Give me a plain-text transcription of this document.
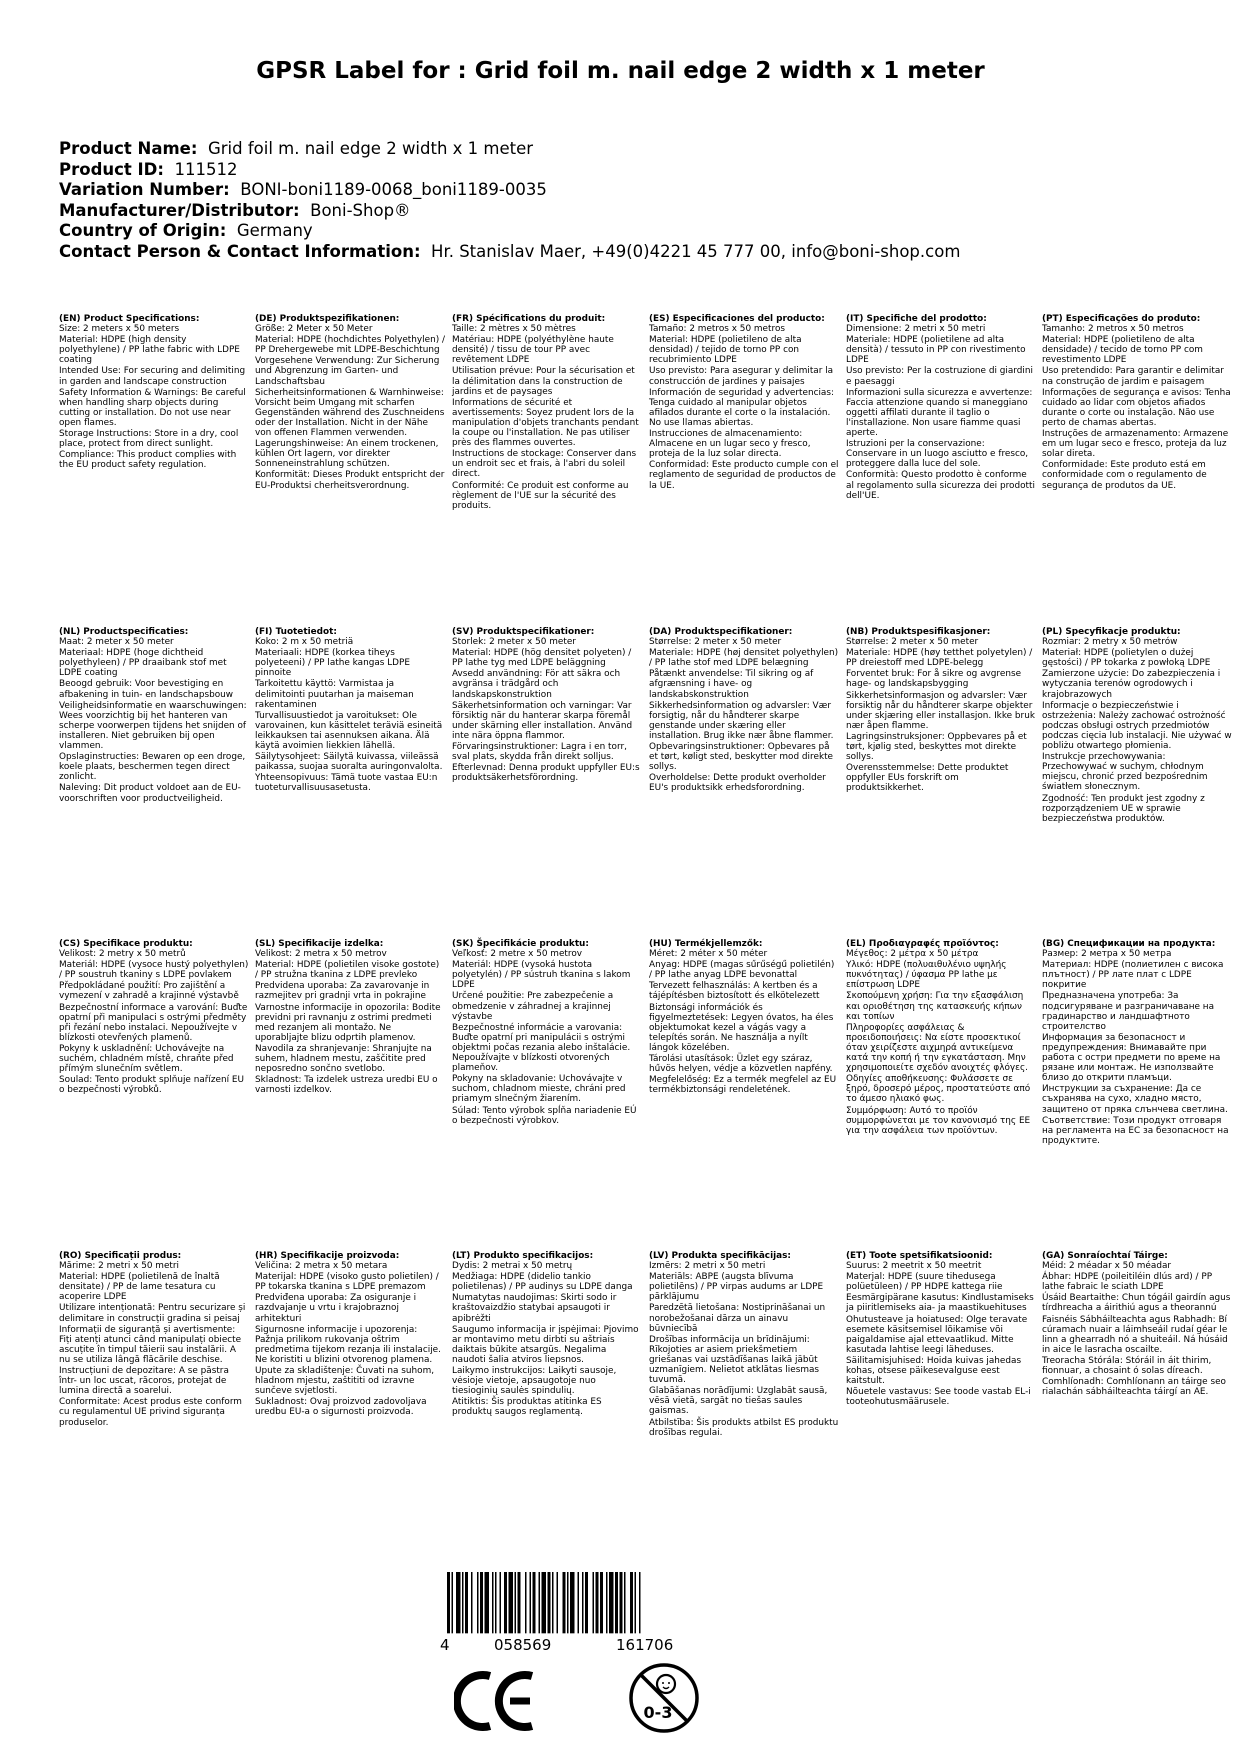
GPSR Label for : Grid foil m. nail edge 2 width x 1 meter
Product Name: Grid foil m. nail edge 2 width x 1 meter
Product ID: 111512
Variation Number: BONI-boni1189-0068_boni1189-0035
Manufacturer/Distributor: Boni-Shop®
Country of Origin: Germany
Contact Person & Contact Information: Hr. Stanislav Maer, +49(0)4221 45 777 00, info@boni-shop.com
(EN) Product Specifications:

Size: 2 meters x 50 meters

Material: HDPE (high density polyethylene) / PP lathe fabric with LDPE coating

Intended Use: For securing and delimiting in garden and landscape construction

Safety Information & Warnings: Be careful when handling sharp objects during cutting or installation. Do not use near open flames.

Storage Instructions: Store in a dry, cool place, protect from direct sunlight.

Compliance: This product complies with the EU product safety regulation.

(DE) Produktspezifikationen:

Größe: 2 Meter x 50 Meter

Material: HDPE (hochdichtes Polyethylen) / PP Drehergewebe mit LDPE-Beschichtung

Vorgesehene Verwendung: Zur Sicherung und Abgrenzung im Garten- und Landschaftsbau

Sicherheitsinformationen & Warnhinweise: Vorsicht beim Umgang mit scharfen Gegenständen während des Zuschneidens oder der Installation. Nicht in der Nähe von offenen Flammen verwenden.

Lagerungshinweise: An einem trockenen, kühlen Ort lagern, vor direkter Sonneneinstrahlung schützen.

Konformität: Dieses Produkt entspricht der EU-Produktsi cherheitsverordnung.

(FR) Spécifications du produit:

Taille: 2 mètres x 50 mètres

Matériau: HDPE (polyéthylène haute densité) / tissu de tour PP avec revêtement LDPE

Utilisation prévue: Pour la sécurisation et la délimitation dans la construction de jardins et de paysages

Informations de sécurité et avertissements: Soyez prudent lors de la manipulation d'objets tranchants pendant la coupe ou l'installation. Ne pas utiliser près des flammes ouvertes.

Instructions de stockage: Conserver dans un endroit sec et frais, à l'abri du soleil direct.

Conformité: Ce produit est conforme au règlement de l'UE sur la sécurité des produits.

(ES) Especificaciones del producto:

Tamaño: 2 metros x 50 metros

Material: HDPE (polietileno de alta densidad) / tejido de torno PP con recubrimiento LDPE

Uso previsto: Para asegurar y delimitar la construcción de jardines y paisajes

Información de seguridad y advertencias: Tenga cuidado al manipular objetos afilados durante el corte o la instalación. No use llamas abiertas.

Instrucciones de almacenamiento: Almacene en un lugar seco y fresco, proteja de la luz solar directa.

Conformidad: Este producto cumple con el reglamento de seguridad de productos de la UE.

(IT) Specifiche del prodotto:

Dimensione: 2 metri x 50 metri

Materiale: HDPE (polietilene ad alta densità) / tessuto in PP con rivestimento LDPE

Uso previsto: Per la costruzione di giardini e paesaggi

Informazioni sulla sicurezza e avvertenze: Faccia attenzione quando si maneggiano oggetti affilati durante il taglio o l'installazione. Non usare fiamme quasi aperte.

Istruzioni per la conservazione: Conservare in un luogo asciutto e fresco, proteggere dalla luce del sole.

Conformità: Questo prodotto è conforme al regolamento sulla sicurezza dei prodotti dell'UE.

(PT) Especificações do produto:

Tamanho: 2 metros x 50 metros

Material: HDPE (polietileno de alta densidade) / tecido de torno PP com revestimento LDPE

Uso pretendido: Para garantir e delimitar na construção de jardim e paisagem

Informações de segurança e avisos: Tenha cuidado ao lidar com objetos afiados durante o corte ou instalação. Não use perto de chamas abertas.

Instruções de armazenamento: Armazene em um lugar seco e fresco, proteja da luz solar direta.

Conformidade: Este produto está em conformidade com o regulamento de segurança de produtos da UE.

(NL) Productspecificaties:

Maat: 2 meter x 50 meter

Materiaal: HDPE (hoge dichtheid polyethyleen) / PP draaibank stof met LDPE coating

Beoogd gebruik: Voor bevestiging en afbakening in tuin- en landschapsbouw

Veiligheidsinformatie en waarschuwingen: Wees voorzichtig bij het hanteren van scherpe voorwerpen tijdens het snijden of installeren. Niet gebruiken bij open vlammen.

Opslaginstructies: Bewaren op een droge, koele plaats, beschermen tegen direct zonlicht.

Naleving: Dit product voldoet aan de EU-voorschriften voor productveiligheid.

(FI) Tuotetiedot:

Koko: 2 m x 50 metriä

Materiaali: HDPE (korkea tiheys polyeteeni) / PP lathe kangas LDPE pinnoite

Tarkoitettu käyttö: Varmistaa ja delimitointi puutarhan ja maiseman rakentaminen

Turvallisuustiedot ja varoitukset: Ole varovainen, kun käsittelet teräviä esineitä leikkauksen tai asennuksen aikana. Älä käytä avoimien liekkien lähellä.

Säilytysohjeet: Säilytä kuivassa, viileässä paikassa, suojaa suoralta auringonvalolta.

Yhteensopivuus: Tämä tuote vastaa EU:n tuoteturvallisuusasetusta.

(SV) Produktspecifikationer:

Storlek: 2 meter x 50 meter

Material: HDPE (hög densitet polyeten) / PP lathe tyg med LDPE beläggning

Avsedd användning: För att säkra och avgränsa i trädgård och landskapskonstruktion

Säkerhetsinformation och varningar: Var försiktig när du hanterar skarpa föremål under skärning eller installation. Använd inte nära öppna flammor.

Förvaringsinstruktioner: Lagra i en torr, sval plats, skydda från direkt solljus.

Efterlevnad: Denna produkt uppfyller EU:s produktsäkerhetsförordning.

(DA) Produktspecifikationer:

Størrelse: 2 meter x 50 meter

Materiale: HDPE (høj densitet polyethylen) / PP lathe stof med LDPE belægning

Påtænkt anvendelse: Til sikring og af afgrænsning i have- og landskabskonstruktion

Sikkerhedsinformation og advarsler: Vær forsigtig, når du håndterer skarpe genstande under skæring eller installation. Brug ikke nær åbne flammer.

Opbevaringsinstruktioner: Opbevares på et tørt, køligt sted, beskytter mod direkte sollys.

Overholdelse: Dette produkt overholder EU's produktsikk erhedsforordning.

(NB) Produktspesifikasjoner:

Størrelse: 2 meter x 50 meter

Materiale: HDPE (høy tetthet polyetylen) / PP dreiestoff med LDPE-belegg

Forventet bruk: For å sikre og avgrense hage- og landskapsbygging

Sikkerhetsinformasjon og advarsler: Vær forsiktig når du håndterer skarpe objekter under skjæring eller installasjon. Ikke bruk nær åpen flamme.

Lagringsinstruksjoner: Oppbevares på et tørt, kjølig sted, beskyttes mot direkte sollys.

Overensstemmelse: Dette produktet oppfyller EUs forskrift om produktsikkerhet.

(PL) Specyfikacje produktu:

Rozmiar: 2 metry x 50 metrów

Materiał: HDPE (polietylen o dużej gęstości) / PP tokarka z powłoką LDPE

Zamierzone użycie: Do zabezpieczenia i wytyczania terenów ogrodowych i krajobrazowych

Informacje o bezpieczeństwie i ostrzeżenia: Należy zachować ostrożność podczas obsługi ostrych przedmiotów podczas cięcia lub instalacji. Nie używać w pobliżu otwartego płomienia.

Instrukcje przechowywania: Przechowywać w suchym, chłodnym miejscu, chronić przed bezpośrednim światłem słonecznym.

Zgodność: Ten produkt jest zgodny z rozporządzeniem UE w sprawie bezpieczeństwa produktów.

(CS) Specifikace produktu:

Velikost: 2 metry x 50 metrů

Materiál: HDPE (vysoce hustý polyethylen) / PP soustruh tkaniny s LDPE povlakem

Předpokládané použití: Pro zajištění a vymezení v zahradě a krajinné výstavbě

Bezpečnostní informace a varování: Buďte opatrní při manipulaci s ostrými předměty při řezání nebo instalaci. Nepoužívejte v blízkosti otevřených plamenů.

Pokyny k uskladnění: Uchovávejte na suchém, chladném místě, chraňte před přímým slunečním světlem.

Soulad: Tento produkt splňuje nařízení EU o bezpečnosti výrobků.

(SL) Specifikacije izdelka:

Velikost: 2 metra x 50 metrov

Material: HDPE (polietilen visoke gostote) / PP stružna tkanina z LDPE prevleko

Predvidena uporaba: Za zavarovanje in razmejitev pri gradnji vrta in pokrajine

Varnostne informacije in opozorila: Bodite previdni pri ravnanju z ostrimi predmeti med rezanjem ali montažo. Ne uporabljajte blizu odprtih plamenov.

Navodila za shranjevanje: Shranjujte na suhem, hladnem mestu, zaščitite pred neposredno sončno svetlobo.

Skladnost: Ta izdelek ustreza uredbi EU o varnosti izdelkov.

(SK) Špecifikácie produktu:

Veľkosť: 2 metre x 50 metrov

Materiál: HDPE (vysoká hustota polyetylén) / PP sústruh tkanina s lakom LDPE

Určené použitie: Pre zabezpečenie a obmedzenie v záhradnej a krajinnej výstavbe

Bezpečnostné informácie a varovania: Buďte opatrní pri manipulácii s ostrými objektmi počas rezania alebo inštalácie. Nepoužívajte v blízkosti otvorených plameňov.

Pokyny na skladovanie: Uchovávajte v suchom, chladnom mieste, chráni pred priamym slnečným žiarením.

Súlad: Tento výrobok spĺňa nariadenie EÚ o bezpečnosti výrobkov.

(HU) Termékjellemzők:

Méret: 2 méter x 50 méter

Anyag: HDPE (magas sűrűségű polietilén) / PP lathe anyag LDPE bevonattal

Tervezett felhasználás: A kertben és a tájépítésben biztosított és elkötelezett

Biztonsági információk és figyelmeztetések: Legyen óvatos, ha éles objektumokat kezel a vágás vagy a telepítés során. Ne használja a nyílt lángok közelében.

Tárolási utasítások: Üzlet egy száraz, hűvös helyen, védje a közvetlen napfény.

Megfelelőség: Ez a termék megfelel az EU termékbiztonsági rendeletének.

(EL) Προδιαγραφές προϊόντος:

Μέγεθος: 2 μέτρα x 50 μέτρα

Υλικό: HDPE (πολυαιθυλένιο υψηλής πυκνότητας) / ύφασμα PP lathe με επίστρωση LDPE

Σκοπούμενη χρήση: Για την εξασφάλιση και οριοθέτηση της κατασκευής κήπων και τοπίων

Πληροφορίες ασφάλειας & προειδοποιήσεις: Να είστε προσεκτικοί όταν χειρίζεστε αιχμηρά αντικείμενα κατά την κοπή ή την εγκατάσταση. Μην χρησιμοποιείτε σχεδόν ανοιχτές φλόγες.

Οδηγίες αποθήκευσης: Φυλάσσετε σε ξηρό, δροσερό μέρος, προστατεύστε από το άμεσο ηλιακό φως.

Συμμόρφωση: Αυτό το προϊόν συμμορφώνεται με τον κανονισμό της ΕΕ για την ασφάλεια των προϊόντων.

(BG) Спецификации на продукта:

Размер: 2 метра x 50 метра

Материал: HDPE (полиетилен с висока плътност) / PP лате плат с LDPE покритие

Предназначена употреба: За подсигуряване и разграничаване на градинарство и ландшафтното строителство

Информация за безопасност и предупреждения: Внимавайте при работа с остри предмети по време на рязане или монтаж. Не използвайте близо до открити пламъци.

Инструкции за съхранение: Да се съхранява на сухо, хладно място, защитено от пряка слънчева светлина.

Съответствие: Този продукт отговаря на регламента на ЕС за безопасност на продуктите.

(RO) Specificații produs:

Mărime: 2 metri x 50 metri

Material: HDPE (polietilenă de înaltă densitate) / PP de lame tesatura cu acoperire LDPE

Utilizare intenționată: Pentru securizare și delimitare in construcții gradina si peisaj

Informații de siguranță și avertismente: Fiți atenți atunci când manipulați obiecte ascuțite în timpul tăierii sau instalării. A nu se utiliza lângă flăcările deschise.

Instrucțiuni de depozitare: A se păstra într- un loc uscat, răcoros, protejat de lumina directă a soarelui.

Conformitate: Acest produs este conform cu regulamentul UE privind siguranța produselor.

(HR) Specifikacije proizvoda:

Veličina: 2 metra x 50 metara

Materijal: HDPE (visoko gusto polietilen) / PP tokarska tkanina s LDPE premazom

Predviđena uporaba: Za osiguranje i razdvajanje u vrtu i krajobraznoj arhitekturi

Sigurnosne informacije i upozorenja: Pažnja prilikom rukovanja oštrim predmetima tijekom rezanja ili instalacije. Ne koristiti u blizini otvorenog plamena.

Upute za skladištenje: Čuvati na suhom, hladnom mjestu, zaštititi od izravne sunčeve svjetlosti.

Sukladnost: Ovaj proizvod zadovoljava uredbu EU-a o sigurnosti proizvoda.

(LT) Produkto specifikacijos:

Dydis: 2 metrai x 50 metrų

Medžiaga: HDPE (didelio tankio polietilenas) / PP audinys su LDPE danga

Numatytas naudojimas: Skirti sodo ir kraštovaizdžio statybai apsaugoti ir apibrėžti

Saugumo informacija ir įspėjimai: Pjovimo ar montavimo metu dirbti su aštriais daiktais būkite atsargūs. Negalima naudoti šalia atviros liepsnos.

Laikymo instrukcijos: Laikyti sausoje, vėsioje vietoje, apsaugotoje nuo tiesioginių saulės spindulių.

Atitiktis: Šis produktas atitinka ES produktų saugos reglamentą.

(LV) Produkta specifikācijas:

Izmērs: 2 metri x 50 metri

Materiāls: ABPE (augsta blīvuma polietilēns) / PP virpas audums ar LDPE pārklājumu

Paredzētā lietošana: Nostiprināšanai un norobežošanai dārza un ainavu būvniecībā

Drošības informācija un brīdinājumi: Rīkojoties ar asiem priekšmetiem griešanas vai uzstādīšanas laikā jābūt uzmanīgiem. Nelietot atklātas liesmas tuvumā.

Glabāšanas norādījumi: Uzglabāt sausā, vēsā vietā, sargāt no tiešas saules gaismas.

Atbilstība: Šis produkts atbilst ES produktu drošības regulai.

(ET) Toote spetsifikatsioonid:

Suurus: 2 meetrit x 50 meetrit

Materjal: HDPE (suure tihedusega polüetüleen) / PP HDPE kattega riie

Eesmärgipärane kasutus: Kindlustamiseks ja piiritlemiseks aia- ja maastikuehituses

Ohutusteave ja hoiatused: Olge teravate esemete käsitsemisel lõikamise või paigaldamise ajal ettevaatlikud. Mitte kasutada lahtise leegi läheduses.

Säilitamisjuhised: Hoida kuivas jahedas kohas, otsese päikesevalguse eest kaitstult.

Nõuetele vastavus: See toode vastab EL-i tooteohutusmäärusele.

(GA) Sonraíochtaí Táirge:

Méid: 2 méadar x 50 méadar

Ábhar: HDPE (poileitiléin dlús ard) / PP lathe fabraic le sciath LDPE

Úsáid Beartaithe: Chun tógáil gairdín agus tírdhreacha a áirithiú agus a theorannú

Faisnéis Sábháilteachta agus Rabhadh: Bí cúramach nuair a láimhseáil rudaí géar le linn a ghearradh nó a shuiteáil. Ná húsáid in aice le lasracha oscailte.

Treoracha Stórála: Stóráil in áit thirim, fionnuar, a chosaint ó solas díreach.

Comhlíonadh: Comhlíonann an táirge seo rialachán sábháilteachta táirgí an AE.

4	058569	161706
0-3
